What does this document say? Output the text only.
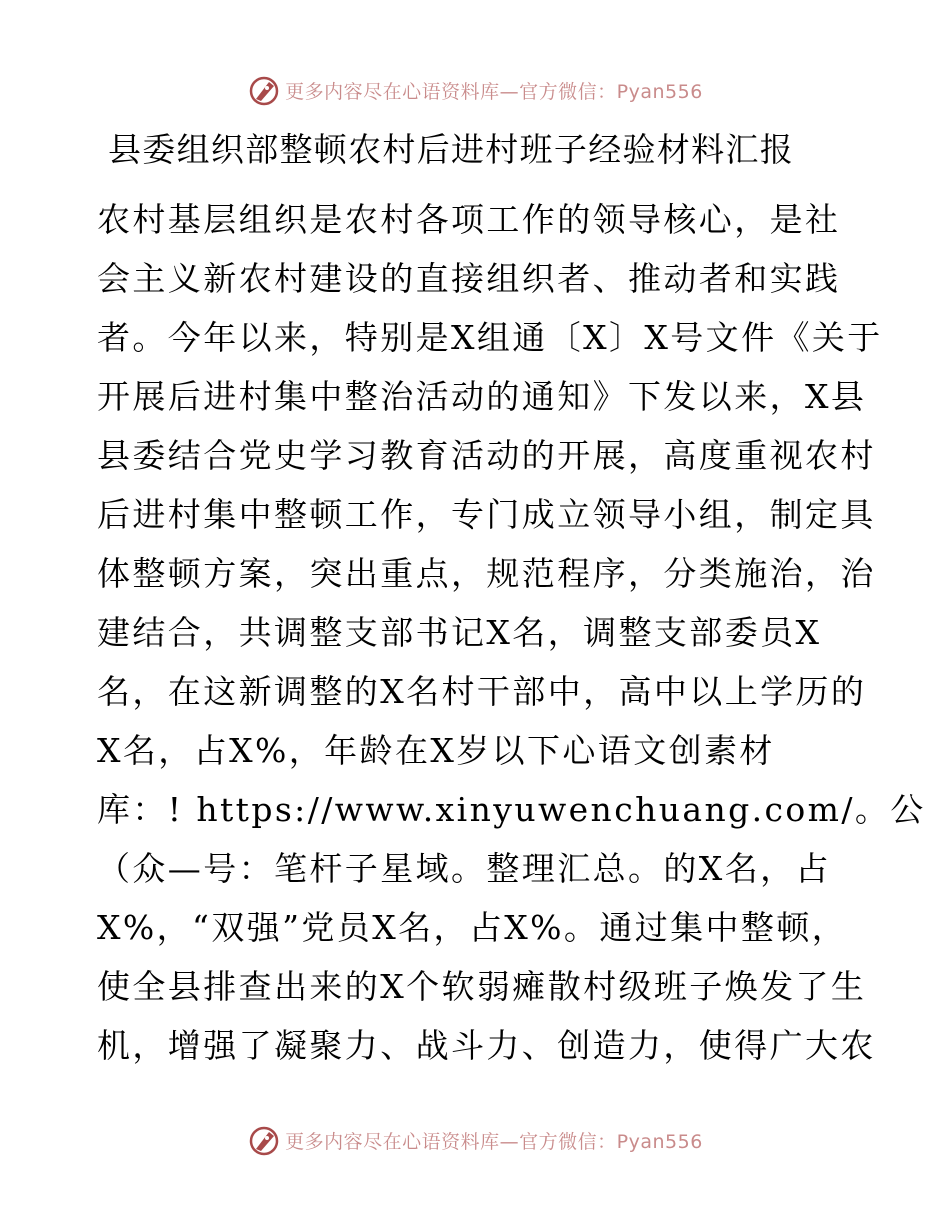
更多内容尽在心语资料库—官方微信：Pyan556
县委组织部整顿农村后进村班子经验材料汇报
农村基层组织是农村各项工作的领导核心，是社
会主义新农村建设的直接组织者、推动者和实践
者。今年以来，特别是X组通〔X〕X号文件《关于
开展后进村集中整治活动的通知》下发以来，X县
县委结合党史学习教育活动的开展，高度重视农村
后进村集中整顿工作，专门成立领导小组，制定具
体整顿方案，突出重点，规范程序，分类施治，治
建结合，共调整支部书记X名，调整支部委员X
名，在这新调整的X名村干部中，高中以上学历的
X名，占X%，年龄在X岁以下心语文创素材
库：! https://www.xinyuwenchuang.com/。公
（众—号：笔杆子星域。整理汇总。的X名，占
X%，“双强”党员X名，占X%。通过集中整顿，
使全县排查出来的X个软弱瘫散村级班子焕发了生
机，增强了凝聚力、战斗力、创造力，使得广大农
更多内容尽在心语资料库—官方微信：Pyan556
